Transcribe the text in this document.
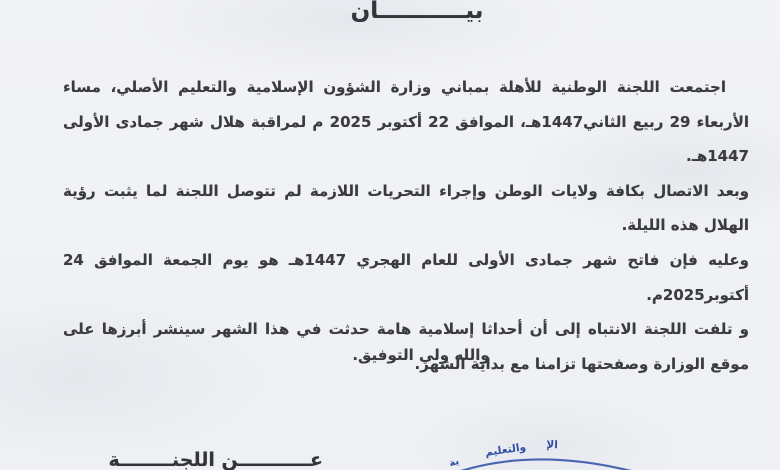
بيـــــــــــان

اجتمعت اللجنة الوطنية للأهلة بمباني وزارة الشؤون الإسلامية والتعليم الأصلي، مساء الأربعاء 29 ربيع الثاني1447هـ، الموافق 22 أكتوبر 2025 م لمراقبة هلال شهر جمادى الأولى 1447هـ.

وبعد الاتصال بكافة ولايات الوطن وإجراء التحريات اللازمة لم تتوصل اللجنة لما يثبت رؤية الهلال هذه الليلة.

وعليه فإن فاتح شهر جمادى الأولى للعام الهجري 1447هـ هو يوم الجمعة الموافق 24 أكتوبر2025م.

و تلفت اللجنة الانتباه إلى أن أحداثا إسلامية هامة حدثت في هذا الشهر سينشر أبرزها على موقع الوزارة وصفحتها تزامنا مع بداية الشهر.

والله ولي التوفيق.
عـــــــــــن اللجنــــــــة	ية
والتعليم الإ
